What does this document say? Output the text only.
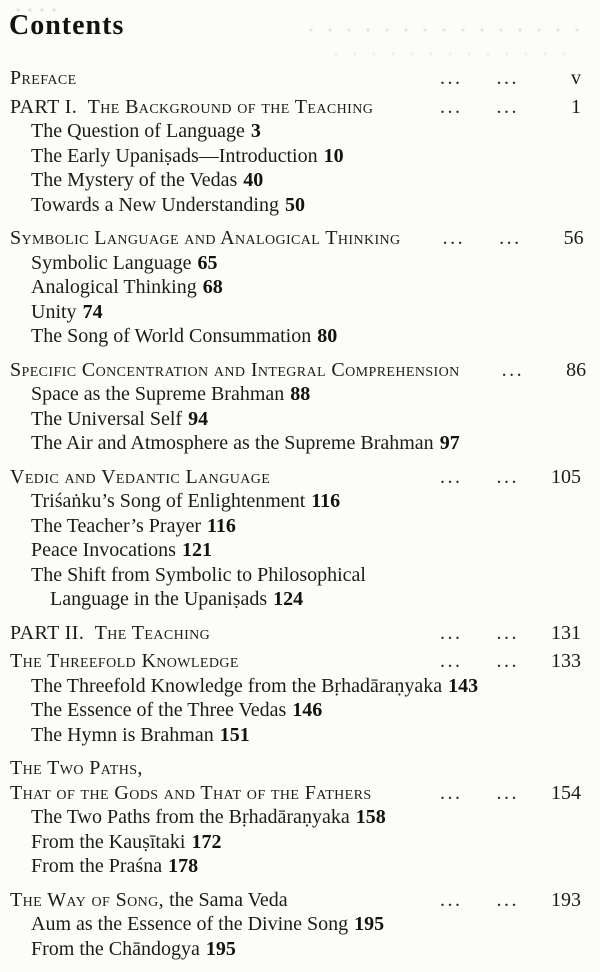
Contents
Preface	... ...	v
PART I. The Background of the Teaching	... ...	1
The Question of Language 3
The Early Upaniṣads—Introduction 10
The Mystery of the Vedas 40
Towards a New Understanding 50
Symbolic Language and Analogical Thinking ... ...	56
Symbolic Language 65
Analogical Thinking 68
Unity 74
The Song of World Consummation 80
Specific Concentration and Integral Comprehension ...	86
Space as the Supreme Brahman 88
The Universal Self 94
The Air and Atmosphere as the Supreme Brahman 97
Vedic and Vedantic Language	... ... 105
Triśaṅku’s Song of Enlightenment 116
The Teacher’s Prayer 116
Peace Invocations 121
The Shift from Symbolic to Philosophical
Language in the Upaniṣads 124
PART II. The Teaching	... ... 131
The Threefold Knowledge	... ... 133
The Threefold Knowledge from the Bṛhadāraṇyaka 143
The Essence of the Three Vedas 146
The Hymn is Brahman 151
The Two Paths,
That of the Gods and That of the Fathers	... ... 154
The Two Paths from the Bṛhadāraṇyaka 158
From the Kauṣītaki 172
From the Praśna 178
The Way of Song, the Sama Veda	... ... 193
Aum as the Essence of the Divine Song 195
From the Chāndogya 195
